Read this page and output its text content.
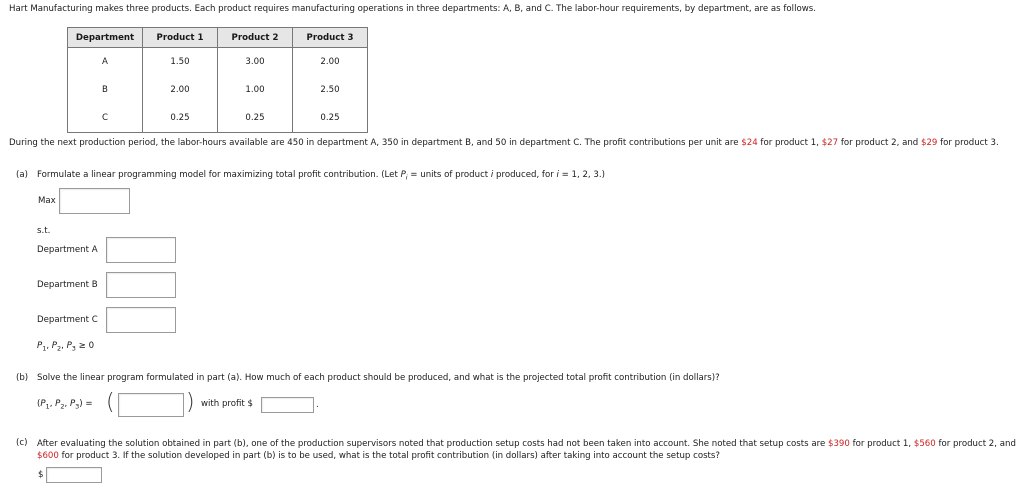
Hart Manufacturing makes three products. Each product requires manufacturing operations in three departments: A, B, and C. The labor-hour requirements, by department, are as follows.
Department	Product 1	Product 2	Product 3
A	1.50	3.00	2.00
B	2.00	1.00	2.50
C	0.25	0.25	0.25
During the next production period, the labor-hours available are 450 in department A, 350 in department B, and 50 in department C. The profit contributions per unit are $24 for product 1, $27 for product 2, and $29 for product 3.
(a) Formulate a linear programming model for maximizing total profit contribution. (Let $P_i$ = units of product i produced, for i = 1, 2, 3.)
Max
s.t.
Department A
Department B
Department C
$P_1$, $P_2$, $P_3 \ge 0$
(b) Solve the linear program formulated in part (a). How much of each product should be produced, and what is the projected total profit contribution (in dollars)?
($P_1$, $P_2$, $P_3$) = (	) with profit $	.
(c) After evaluating the solution obtained in part (b), one of the production supervisors noted that production setup costs had not been taken into account. She noted that setup costs are $390 for product 1, $560 for product 2, and $600 for product 3. If the solution developed in part (b) is to be used, what is the total profit contribution (in dollars) after taking into account the setup costs?
$
